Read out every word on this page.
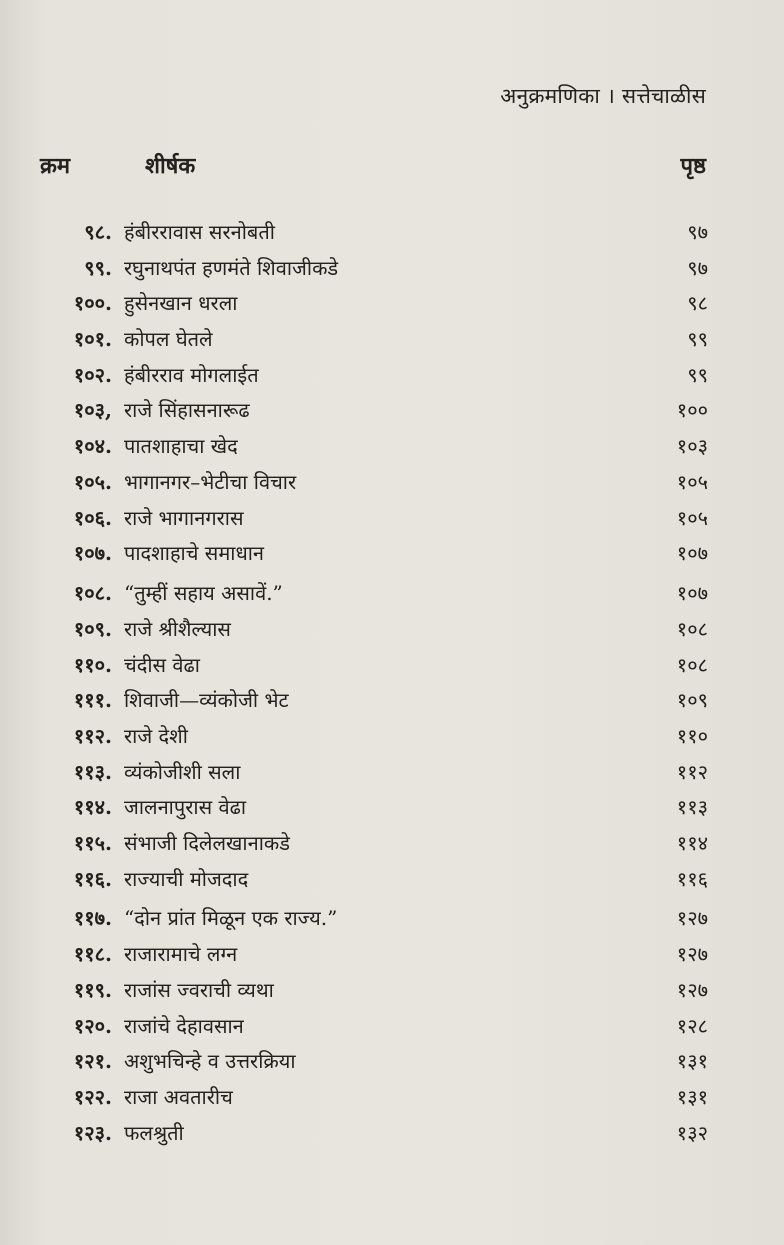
अनुक्रमणिका । सत्तेचाळीस
क्रम	शीर्षक	पृष्ठ
९८. हंबीररावास सरनोबती	९७
९९. रघुनाथपंत हणमंते शिवाजीकडे	९७
१००. हुसेनखान धरला	९८
१०१. कोपल घेतले	९९
१०२. हंबीरराव मोगलाईत	९९
१०३, राजे सिंहासनारूढ	१००
१०४. पातशाहाचा खेद	१०३
१०५. भागानगर–भेटीचा विचार	१०५
१०६. राजे भागानगरास	१०५
१०७. पादशाहाचे समाधान	१०७
१०८. “तुम्हीं सहाय असावें.”	१०७
१०९. राजे श्रीशैल्यास	१०८
११०. चंदीस वेढा	१०८
१११. शिवाजी—व्यंकोजी भेट	१०९
११२. राजे देशी	११०
११३. व्यंकोजीशी सला	११२
११४. जालनापुरास वेढा	११३
११५. संभाजी दिलेलखानाकडे	११४
११६. राज्याची मोजदाद	११६
११७. “दोन प्रांत मिळून एक राज्य.”	१२७
११८. राजारामाचे लग्न	१२७
११९. राजांस ज्वराची व्यथा	१२७
१२०. राजांचे देहावसान	१२८
१२१. अशुभचिन्हे व उत्तरक्रिया	१३१
१२२. राजा अवतारीच	१३१
१२३. फलश्रुती	१३२
